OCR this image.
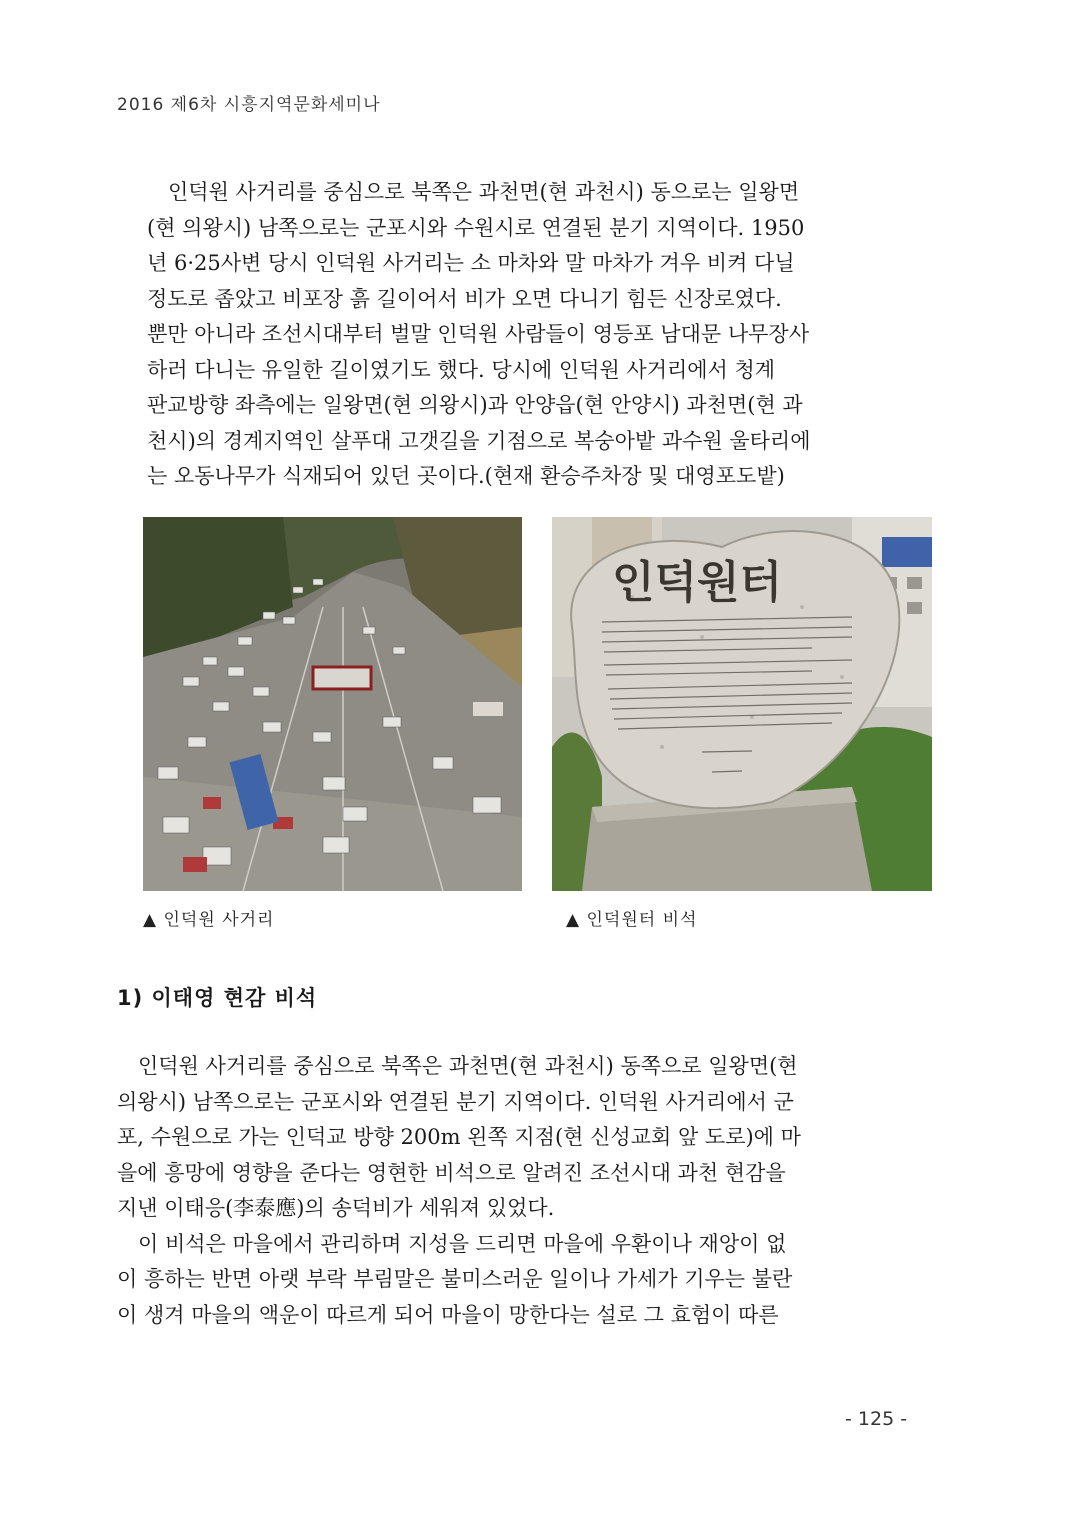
2016 제6차 시흥지역문화세미나
인덕원 사거리를 중심으로 북쪽은 과천면(현 과천시) 동으로는 일왕면
(현 의왕시) 남쪽으로는 군포시와 수원시로 연결된 분기 지역이다. 1950
년 6·25사변 당시 인덕원 사거리는 소 마차와 말 마차가 겨우 비켜 다닐
정도로 좁았고 비포장 흙 길이어서 비가 오면 다니기 힘든 신장로였다.
뿐만 아니라 조선시대부터 벌말 인덕원 사람들이 영등포 남대문 나무장사
하러 다니는 유일한 길이였기도 했다. 당시에 인덕원 사거리에서 청계
판교방향 좌측에는 일왕면(현 의왕시)과 안양읍(현 안양시) 과천면(현 과
천시)의 경계지역인 살푸대 고갯길을 기점으로 복숭아밭 과수원 울타리에
는 오동나무가 식재되어 있던 곳이다.(현재 환승주차장 및 대영포도밭)
인덕원터
▲ 인덕원 사거리	▲ 인덕원터 비석
1) 이태영 현감 비석
인덕원 사거리를 중심으로 북쪽은 과천면(현 과천시) 동쪽으로 일왕면(현
의왕시) 남쪽으로는 군포시와 연결된 분기 지역이다. 인덕원 사거리에서 군
포, 수원으로 가는 인덕교 방향 200m 왼쪽 지점(현 신성교회 앞 도로)에 마
을에 흥망에 영향을 준다는 영현한 비석으로 알려진 조선시대 과천 현감을
지낸 이태응(李泰應)의 송덕비가 세워져 있었다.
이 비석은 마을에서 관리하며 지성을 드리면 마을에 우환이나 재앙이 없
이 흥하는 반면 아랫 부락 부림말은 불미스러운 일이나 가세가 기우는 불란
이 생겨 마을의 액운이 따르게 되어 마을이 망한다는 설로 그 효험이 따른
- 125 -
